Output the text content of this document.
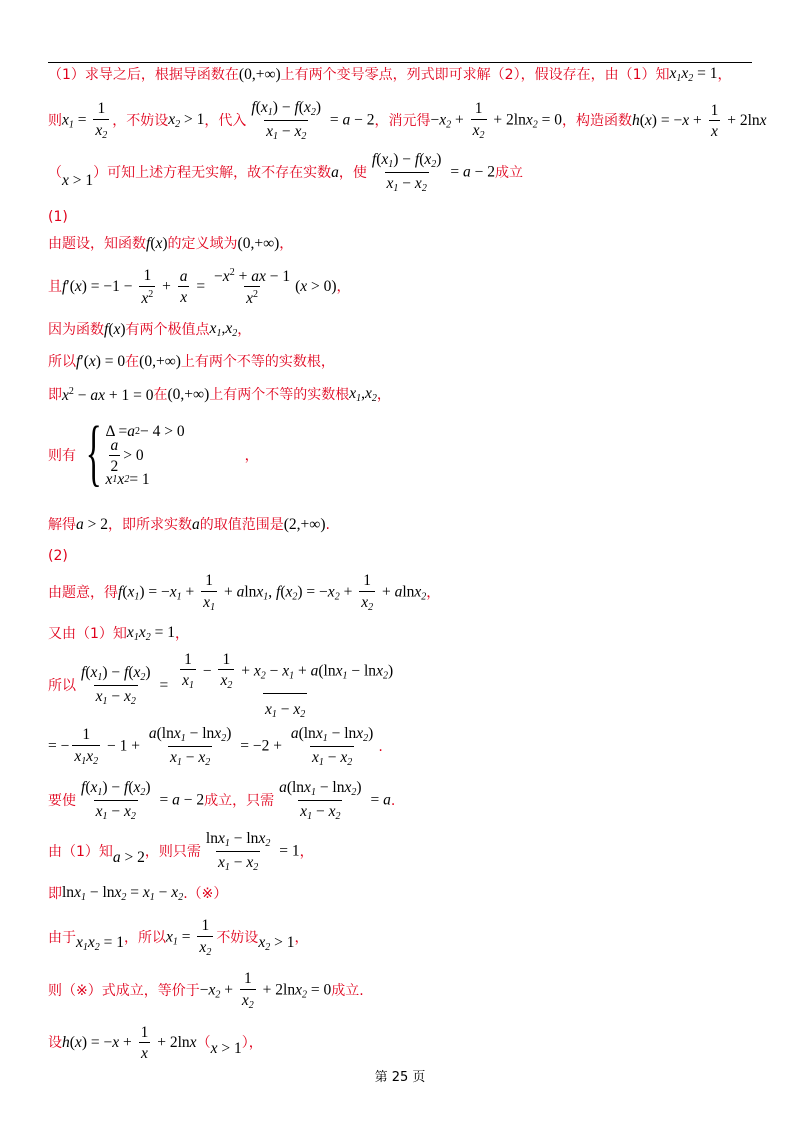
（1）求导之后，根据导函数在 (0,+∞) 上有两个变号零点，列式即可求解（2），假设存在，由（1）知 $x_1x_2 = 1$ ，
则 $x_1 = \frac{1}{x_2}$ ，不妨设 $x_2 > 1$ ，代入 $\frac{f(x_1) - f(x_2)}{x_1 - x_2} = a - 2$ ，消元得 $-x_2 + \frac{1}{x_2} + 2\ln x_2 = 0$ ，构造函数 $h(x) = -x + \frac{1}{x} + 2\ln x$
（ x > 1 ）可知上述方程无实解，故不存在实数 a ，使 $\frac{f(x_1) - f(x_2)}{x_1 - x_2} = a - 2$ 成立
(1)
由题设，知函数 f(x) 的定义域为 (0,+∞) ，
且 $f'(x) = -1 - \frac{1}{x^2} + \frac{a}{x} = \frac{-x^2 + ax - 1}{x^2} (x > 0)$ ，
因为函数 f(x) 有两个极值点 $x_1,x_2$ ，
所以 f′(x) = 0 在 (0,+∞) 上有两个不等的实数根，
即 $x^2$ − ax + 1 = 0 在 (0,+∞) 上有两个不等的实数根 $x_1,x_2$ ，
则有 { Δ = a 2 − 4 > 0
$\frac{a}{2} > 0$
x 1 x 2 = 1
，
解得 a > 2 ，即所求实数 a 的取值范围是 (2,+∞) .
(2)
由题意，得 $f(x_1) = -x_1 + \frac{1}{x_1} + alnx_1$, $f(x_2) = -x_2 + \frac{1}{x_2} + alnx_2$ ，
又由（1）知 $x_1x_2 = 1$ ，
所以 $\frac{f(x_1) - f(x_2)}{x_1 - x_2} = \frac{\frac{1}{x_1} - \frac{1}{x_2} + x_2 - x_1 + a(\ln x_1 - \ln x_2)}{x_1 - x_2}$
= − $\frac{1}{x_1x_2} - 1 + \frac{a(\ln x_1 - \ln x_2)}{x_1 - x_2} = -2 + \frac{a(\ln x_1 - \ln x_2)}{x_1 - x_2}$ .
要使 $\frac{f(x_1) - f(x_2)}{x_1 - x_2} = a - 2$ 成立，只需 $\frac{a(\ln x_1 - \ln x_2)}{x_1 - x_2} = a$ .
由（1）知 a > 2 ，则只需 $\frac{\ln x_1 - \ln x_2}{x_1 - x_2} = 1$ ，
即 $\ln x_1 - \ln x_2 = x_1 - x_2$ .（※）
由于 $x_1x_2 = 1$ ，所以 $x_1 = \frac{1}{x_2}$ 不妨设 $x_2 > 1$ ，
则（※）式成立，等价于 $-x_2 + \frac{1}{x_2} + 2\ln x_2 = 0$ 成立.
设 $h(x) = -x + \frac{1}{x} + 2\ln x$ （ x > 1 ），
第 25 页
